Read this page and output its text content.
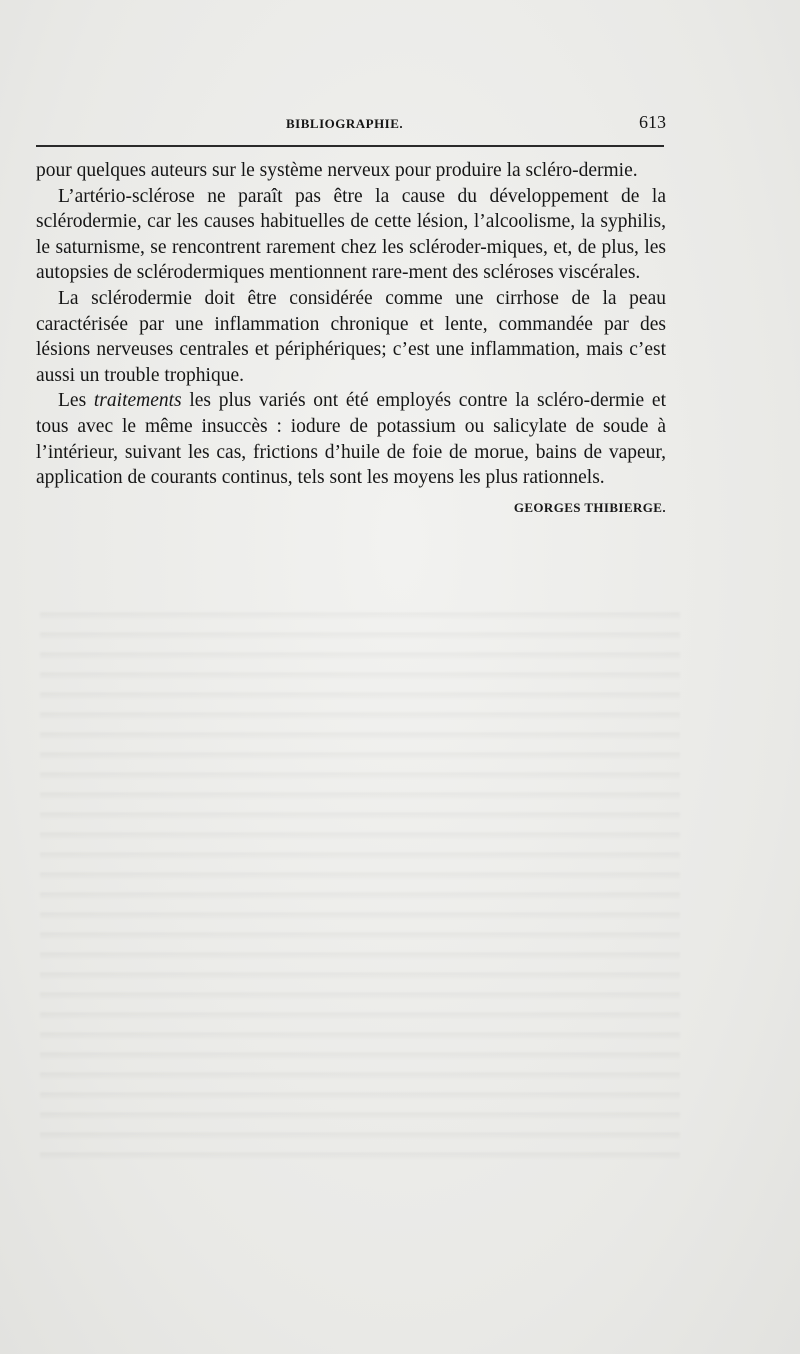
BIBLIOGRAPHIE.	613

pour quelques auteurs sur le système nerveux pour produire la scléro-dermie.

L’artério-sclérose ne paraît pas être la cause du développement de la sclérodermie, car les causes habituelles de cette lésion, l’alcoolisme, la syphilis, le saturnisme, se rencontrent rarement chez les scléroder-miques, et, de plus, les autopsies de sclérodermiques mentionnent rare-ment des scléroses viscérales.

La sclérodermie doit être considérée comme une cirrhose de la peau caractérisée par une inflammation chronique et lente, commandée par des lésions nerveuses centrales et périphériques; c’est une inflammation, mais c’est aussi un trouble trophique.

Les traitements les plus variés ont été employés contre la scléro-dermie et tous avec le même insuccès : iodure de potassium ou salicylate de soude à l’intérieur, suivant les cas, frictions d’huile de foie de morue, bains de vapeur, application de courants continus, tels sont les moyens les plus rationnels.
GEORGES THIBIERGE.
